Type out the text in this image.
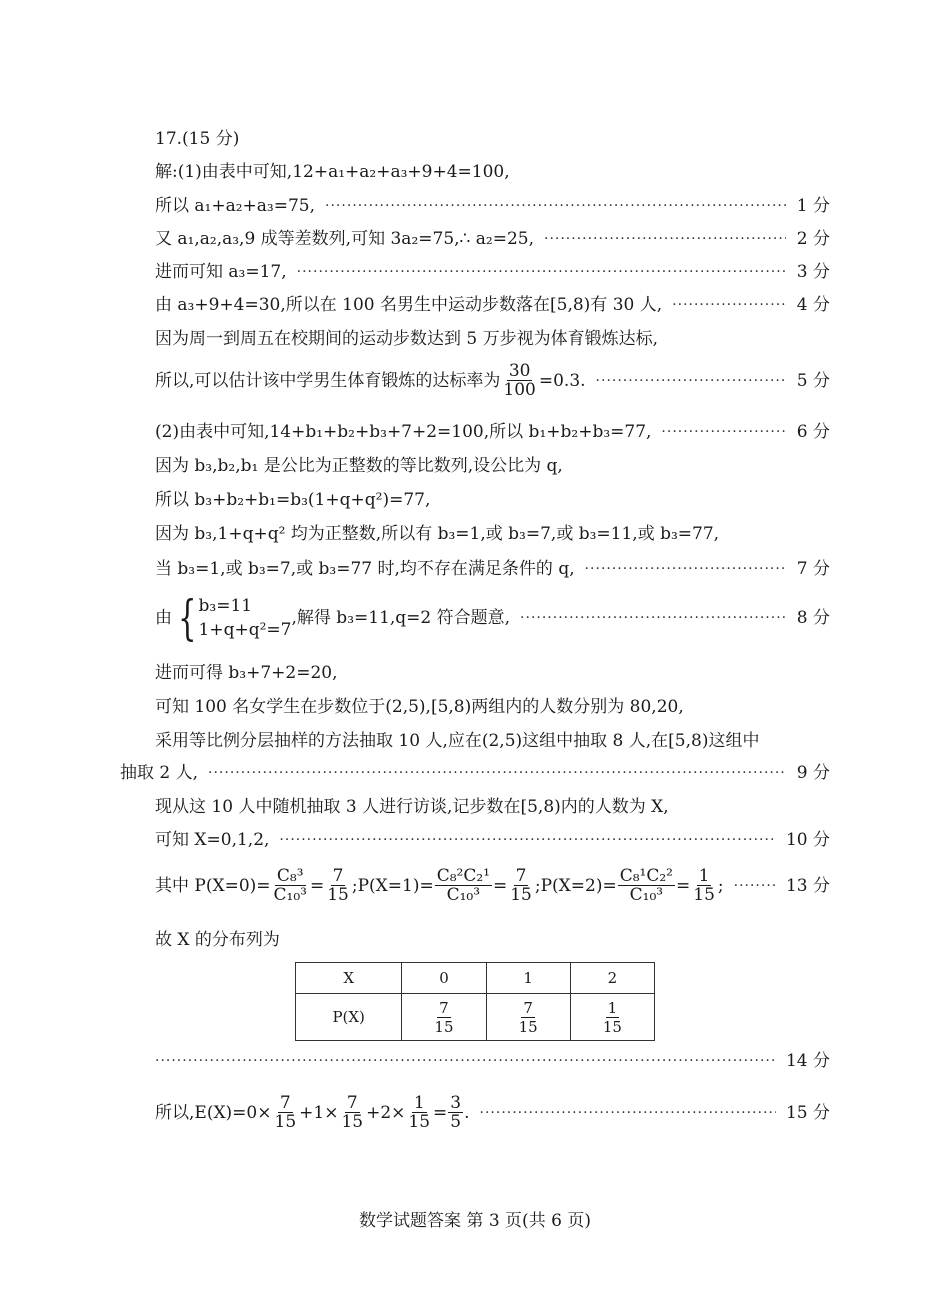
17.(15 分)
解:(1)由表中可知,12+a₁+a₂+a₃+9+4=100,
所以 a₁+a₂+a₃=75, ·····	1 分
又 a₁,a₂,a₃,9 成等差数列,可知 3a₂=75,∴ a₂=25, ·····	2 分
进而可知 a₃=17, ·····	3 分
由 a₃+9+4=30,所以在 100 名男生中运动步数落在[5,8)有 30 人, ·····	4 分
因为周一到周五在校期间的运动步数达到 5 万步视为体育锻炼达标,
所以,可以估计该中学男生体育锻炼的达标率为 $\frac{30}{100} =0.3$. ·····	5 分
(2)由表中可知,14+b₁+b₂+b₃+7+2=100,所以 b₁+b₂+b₃=77, ·····	6 分
因为 b₃,b₂,b₁ 是公比为正整数的等比数列,设公比为 q,
所以 b₃+b₂+b₁=b₃(1+q+q²)=77,
因为 b₃,1+q+q² 均为正整数,所以有 b₃=1,或 b₃=7,或 b₃=11,或 b₃=77,
当 b₃=1,或 b₃=7,或 b₃=77 时,均不存在满足条件的 q, ·····	7 分
由 { b₃=11
1+q+q²=7
,解得 b₃=11,q=2 符合题意, ·····	8 分
进而可得 b₃+7+2=20,
可知 100 名女学生在步数位于(2,5),[5,8)两组内的人数分别为 80,20,
采用等比例分层抽样的方法抽取 10 人,应在(2,5)这组中抽取 8 人,在[5,8)这组中
抽取 2 人, ·····	9 分
现从这 10 人中随机抽取 3 人进行访谈,记步数在[5,8)内的人数为 X,
可知 X=0,1,2, ·····	10 分
其中 $P(X=0)= \frac{\text{C₈³}}{\text{C₁₀³}} = \frac{7}{15}$ ;P(X=1)= $\frac{\text{C₈²C₂¹}}{\text{C₁₀³}} = \frac{7}{15}$ ;P(X=2)= $\frac{\text{C₈¹C₂²}}{\text{C₁₀³}} = \frac{1}{15}$ ; ·····	13 分
故 X 的分布列为
X	0	1	2
P(X)	$\frac{7}{15}$	$\frac{7}{15}$	$\frac{1}{15}$
·····
14 分
所以$,E(X)=0\times \frac{7}{15} +1\times \frac{7}{15} +2\times \frac{1}{15} = \frac{3}{5}$ . ·····	15 分
数学试题答案 第 3 页(共 6 页)
